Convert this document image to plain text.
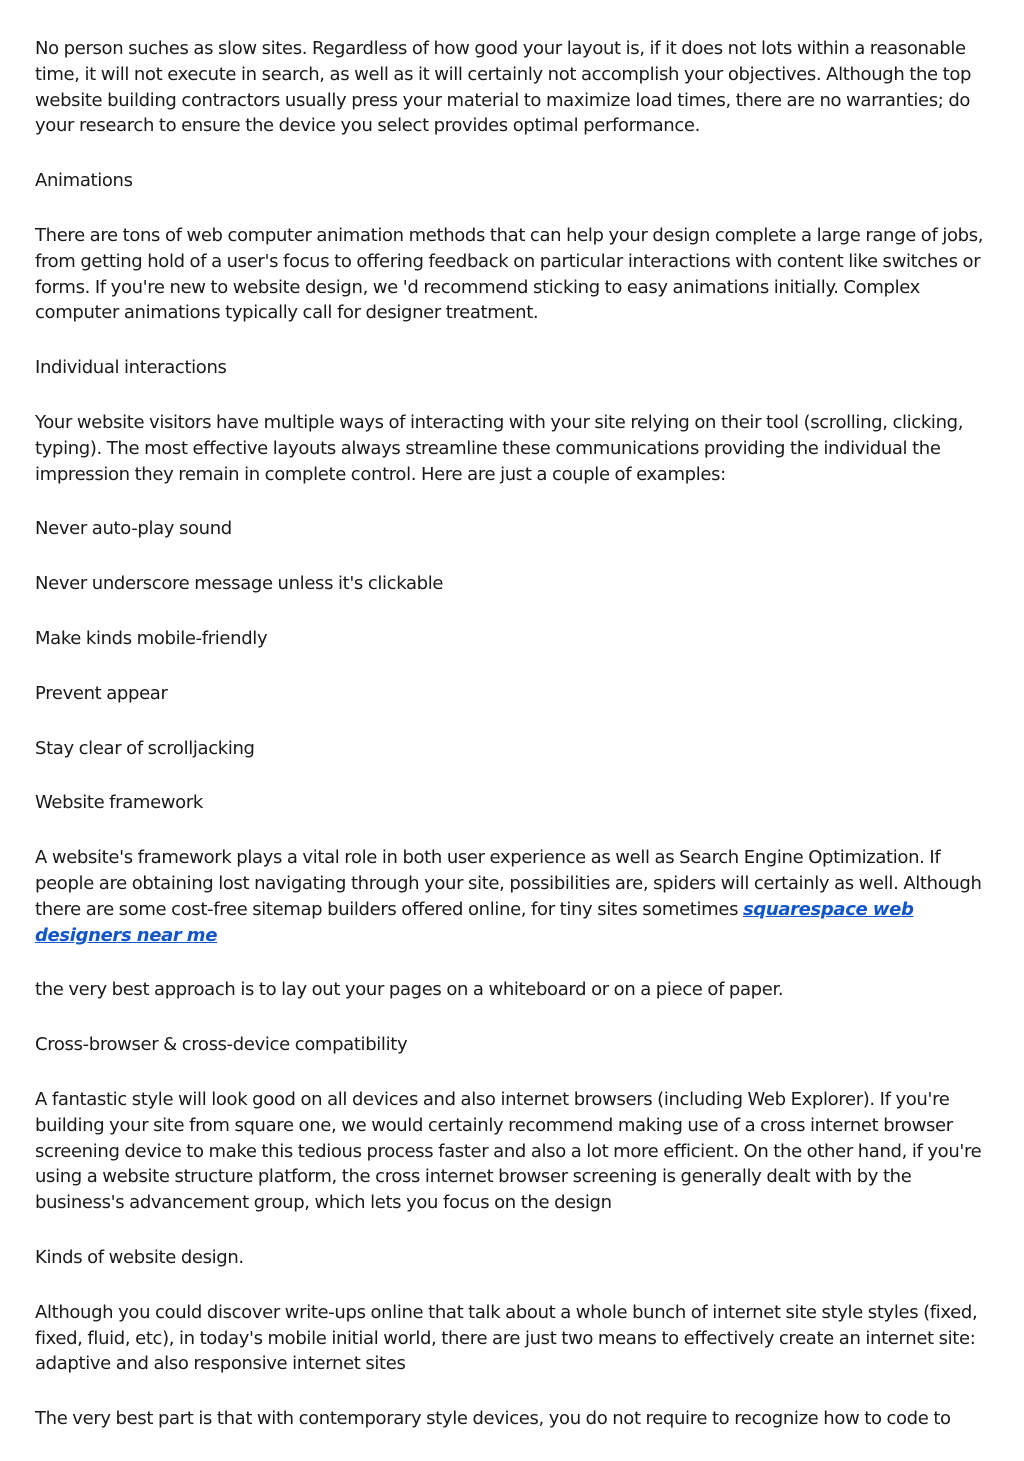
No person suches as slow sites. Regardless of how good your layout is, if it does not lots within a reasonable time, it will not execute in search, as well as it will certainly not accomplish your objectives. Although the top website building contractors usually press your material to maximize load times, there are no warranties; do your research to ensure the device you select provides optimal performance.

Animations

There are tons of web computer animation methods that can help your design complete a large range of jobs, from getting hold of a user's focus to offering feedback on particular interactions with content like switches or forms. If you're new to website design, we 'd recommend sticking to easy animations initially. Complex computer animations typically call for designer treatment.

Individual interactions

Your website visitors have multiple ways of interacting with your site relying on their tool (scrolling, clicking, typing). The most effective layouts always streamline these communications providing the individual the impression they remain in complete control. Here are just a couple of examples:

Never auto-play sound

Never underscore message unless it's clickable

Make kinds mobile-friendly

Prevent appear

Stay clear of scrolljacking

Website framework

A website's framework plays a vital role in both user experience as well as Search Engine Optimization. If people are obtaining lost navigating through your site, possibilities are, spiders will certainly as well. Although there are some cost-free sitemap builders offered online, for tiny sites sometimes squarespace web designers near me

the very best approach is to lay out your pages on a whiteboard or on a piece of paper.

Cross-browser & cross-device compatibility

A fantastic style will look good on all devices and also internet browsers (including Web Explorer). If you're building your site from square one, we would certainly recommend making use of a cross internet browser screening device to make this tedious process faster and also a lot more efficient. On the other hand, if you're using a website structure platform, the cross internet browser screening is generally dealt with by the business's advancement group, which lets you focus on the design

Kinds of website design.

Although you could discover write-ups online that talk about a whole bunch of internet site style styles (fixed, fixed, fluid, etc), in today's mobile initial world, there are just two means to effectively create an internet site: adaptive and also responsive internet sites

The very best part is that with contemporary style devices, you do not require to recognize how to code to
